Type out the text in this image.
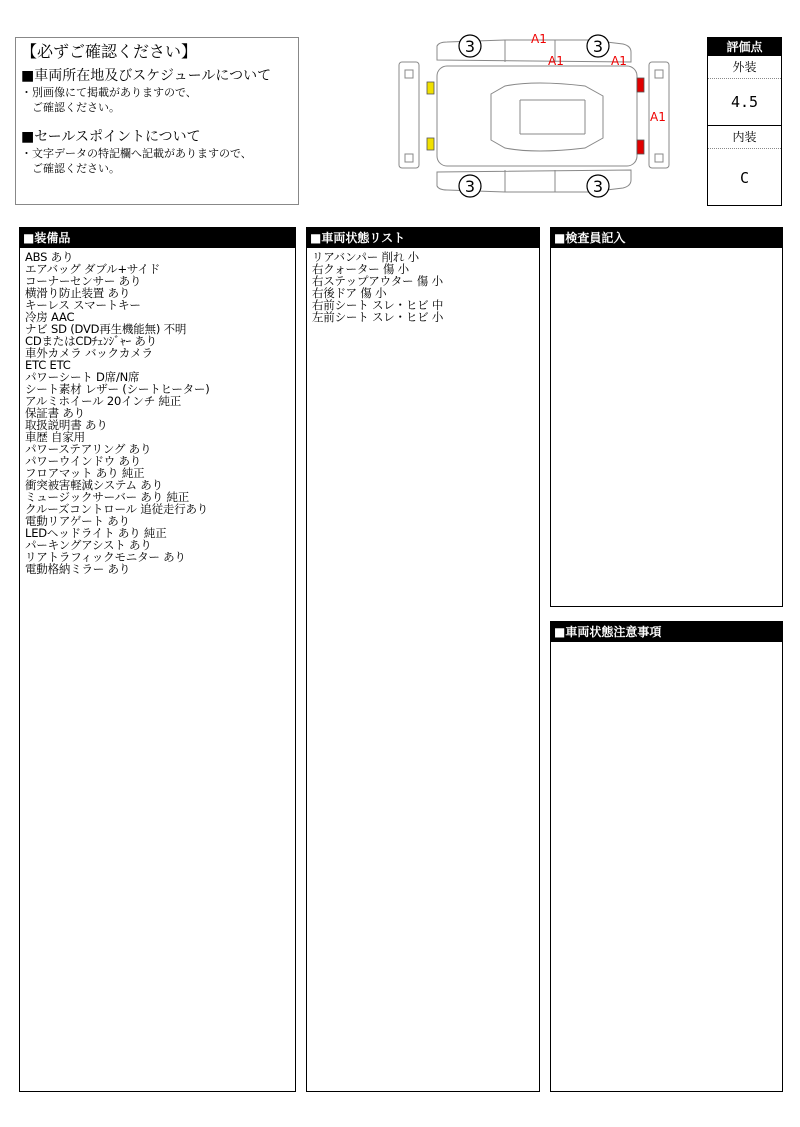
【必ずご確認ください】
■車両所在地及びスケジュールについて
・別画像にて掲載がありますので、
　ご確認ください。
■セールスポイントについて
・文字データの特記欄へ記載がありますので、
　ご確認ください。
3	3
3	3
A1
A1	A1
A1
評価点
外装
4.5
内装
C
■装備品
ABS あり
エアバッグ ダブル+サイド
コーナーセンサー あり
横滑り防止装置 あり
キーレス スマートキー
冷房 AAC
ナビ SD (DVD再生機能無) 不明
CDまたはCDﾁｪﾝｼﾞｬｰ あり
車外カメラ バックカメラ
ETC ETC
パワーシート D席/N席
シート素材 レザー (シートヒーター)
アルミホイール 20インチ 純正
保証書 あり
取扱説明書 あり
車歴 自家用
パワーステアリング あり
パワーウインドウ あり
フロアマット あり 純正
衝突被害軽減システム あり
ミュージックサーバー あり 純正
クルーズコントロール 追従走行あり
電動リアゲート あり
LEDヘッドライト あり 純正
パーキングアシスト あり
リアトラフィックモニター あり
電動格納ミラー あり
■車両状態リスト
リアバンパー 削れ 小
右クォーター 傷 小
右ステップアウター 傷 小
右後ドア 傷 小
右前シート スレ・ヒビ 中
左前シート スレ・ヒビ 小
■検査員記入
■車両状態注意事項
